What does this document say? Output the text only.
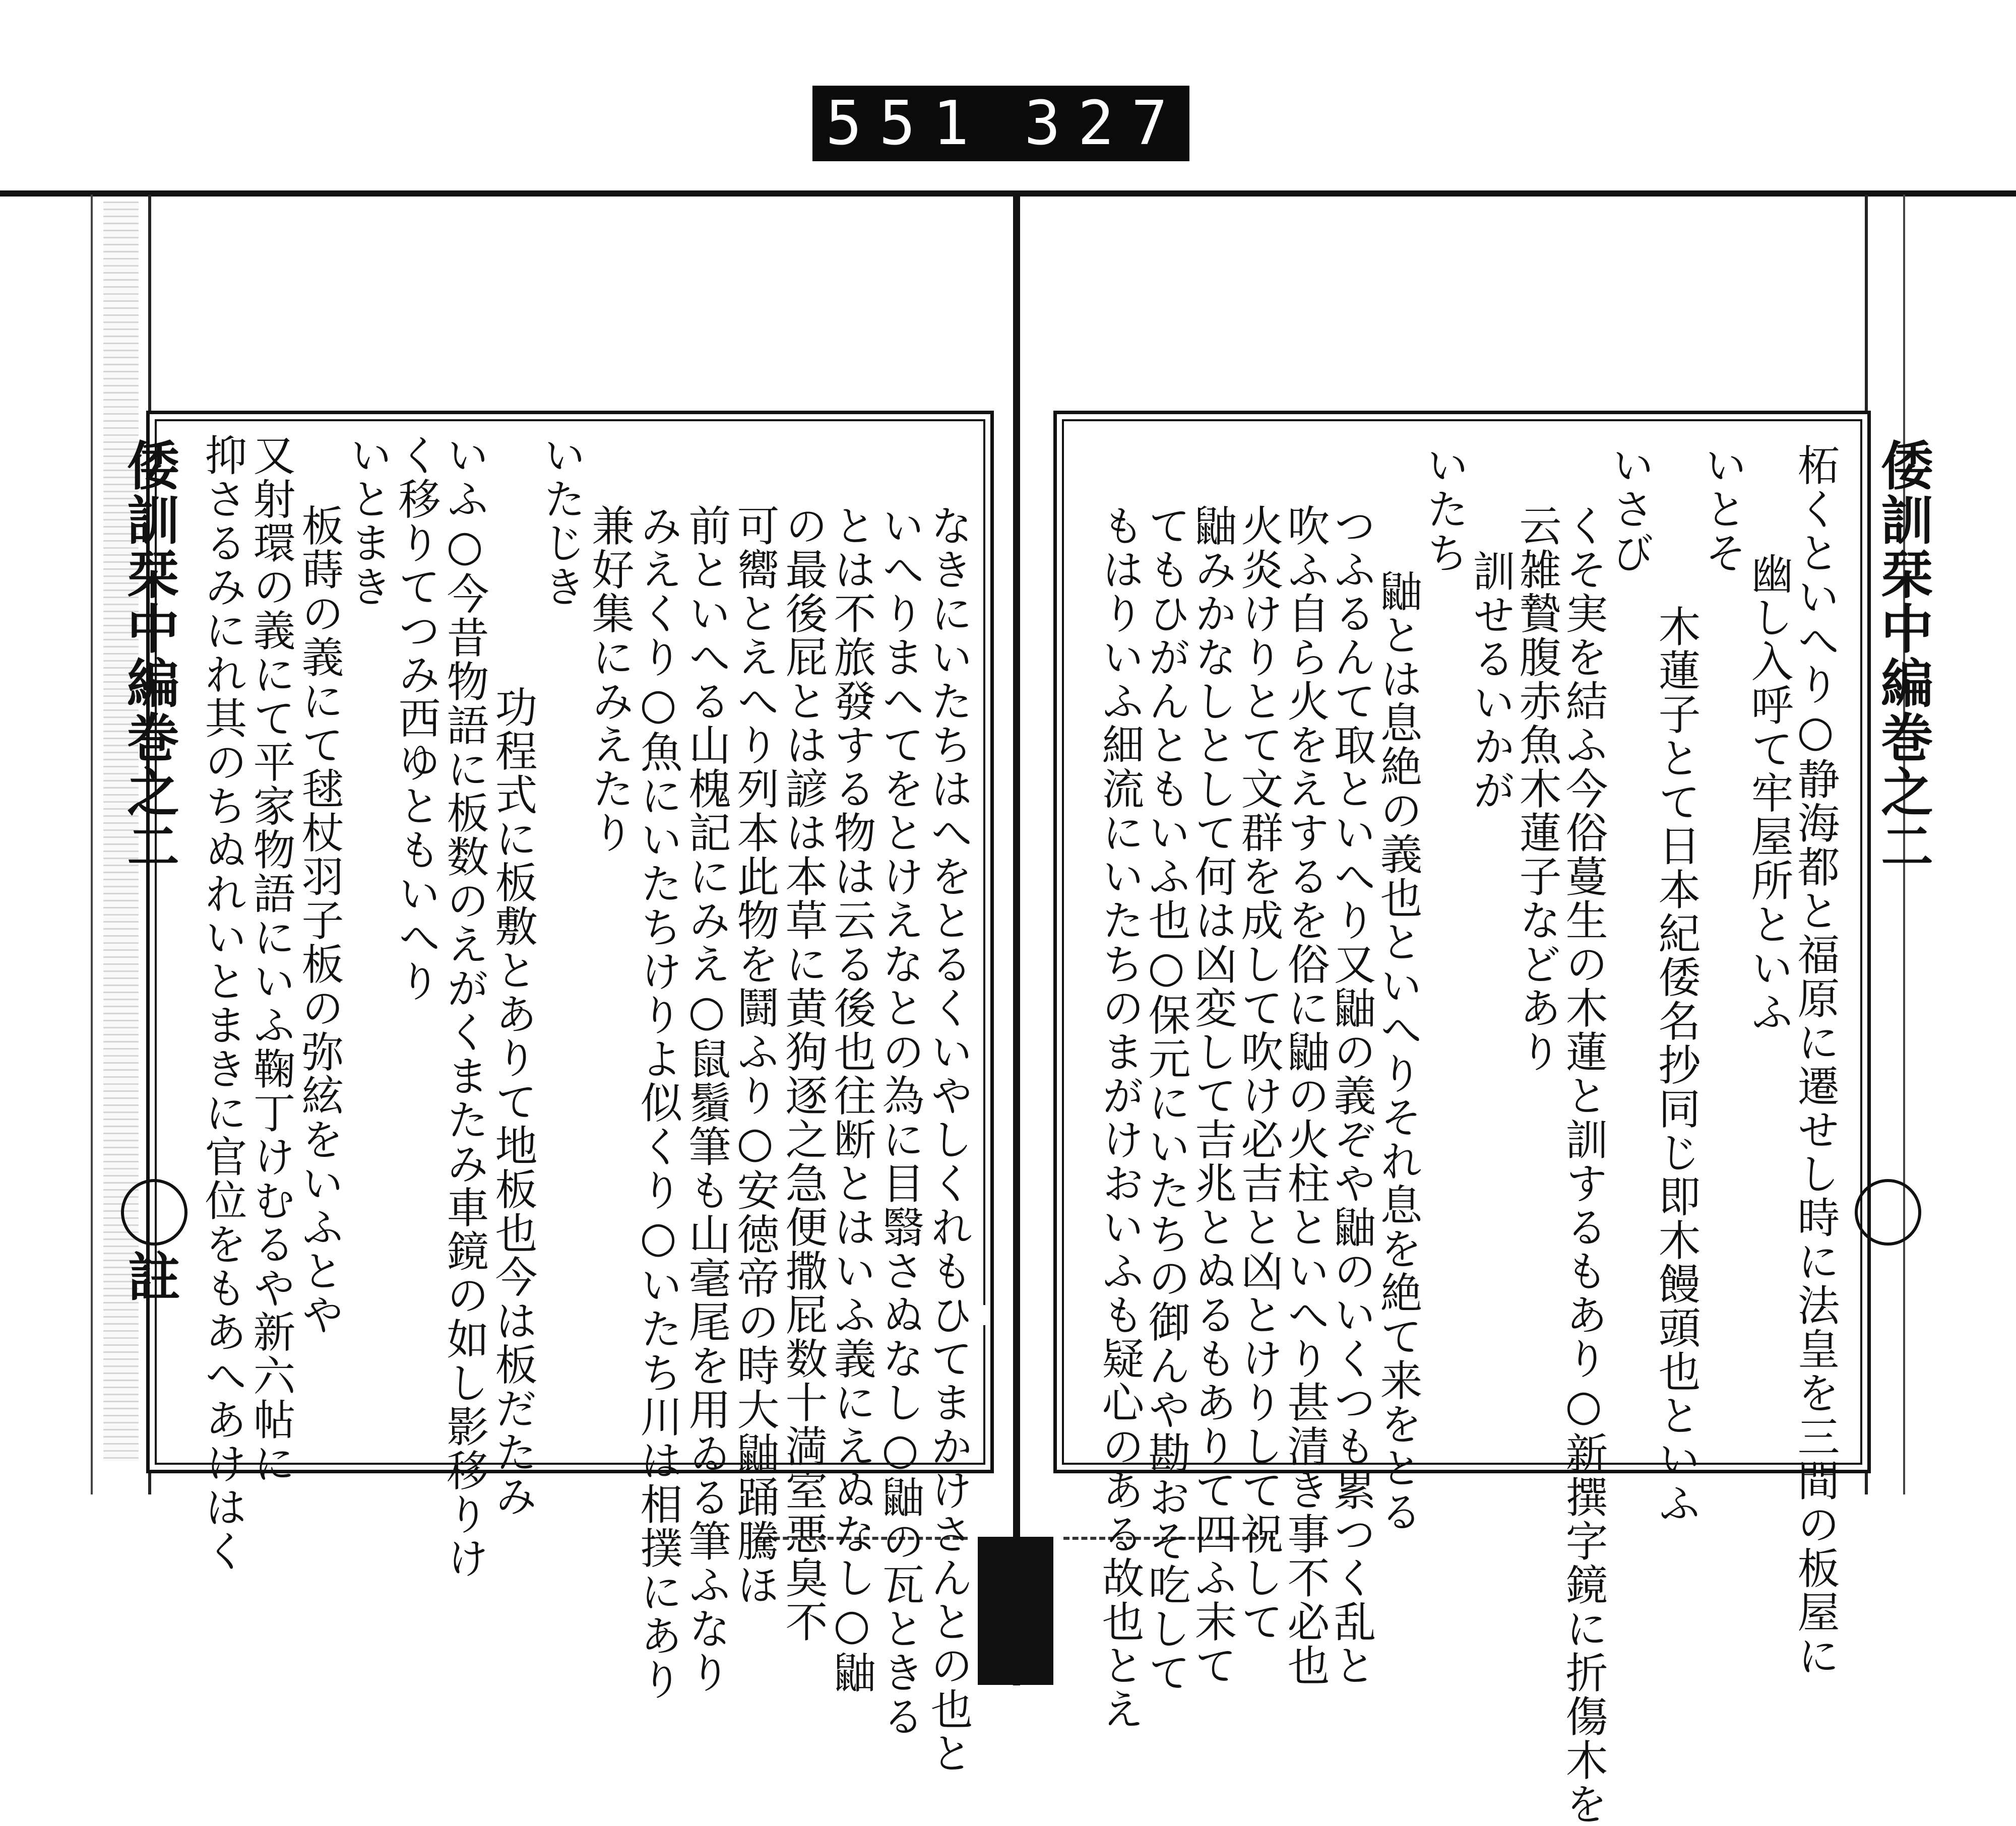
551 327.
倭訓栞中編巻之二	倭訓栞中編巻之二
註	柘くといへり○静海都と福原に遷せし時に法皇を三間の板屋に
幽し入呼て牢屋所といふ
いとそ
木蓮子とて日本紀倭名抄同じ即木饅頭也といふ
いさび
くそ実を結ふ今俗蔓生の木蓮と訓するもあり○新撰字鏡に折傷木を
云雑贄腹赤魚木蓮子などあり
訓せるいかが
いたち
鼬とは息絶の義也といへりそれ息を絶て来をとる
つふるんて取といへり又鼬の義ぞや鼬のいくつも累つく乱と
吹ふ自ら火をえするを俗に鼬の火柱といへり甚清き事不必也
火炎けりとて文群を成して吹け必吉と凶とけりして祝して
鼬みかなしとして何は凶変して吉兆とぬるもありて四ふ末て
てもひがんともいふ也○保元にいたちの御んや勘おそ吃して
もはりいふ細流にいたちのまがけおいふも疑心のある故也とえ
なきにいたちはへをとるくいやしくれもひてまかけさんとの也と
いへりまへてをとけえなとの為に目翳さぬなし○鼬の瓦ときる
とは不旅發する物は云る後也往断とはいふ義にえぬなし○鼬
の最後屁とは諺は本草に黄狗逐之急便撒屁数十満室悪臭不
可嚮とえへり列本此物を鬪ふり○安徳帝の時大鼬踊騰ほ
前といへる山槐記にみえ○鼠鬚筆も山毫尾を用ゐる筆ふなり
みえくり○魚にいたちけりよ似くり○いたち川は相撲にあり
兼好集にみえたり
いたじき
功程式に板敷とありて地板也今は板だたみ
いふ○今昔物語に板数のえがくまたみ車鏡の如し影移りけ
く移りてつみ西ゆともいへり
いとまき
板蒔の義にて毬杖羽子板の弥絃をいふとや
又射環の義にて平家物語にいふ鞠丁けむるや新六帖に
抑さるみにれ其のちぬれいとまきに官位をもあへあけはく
